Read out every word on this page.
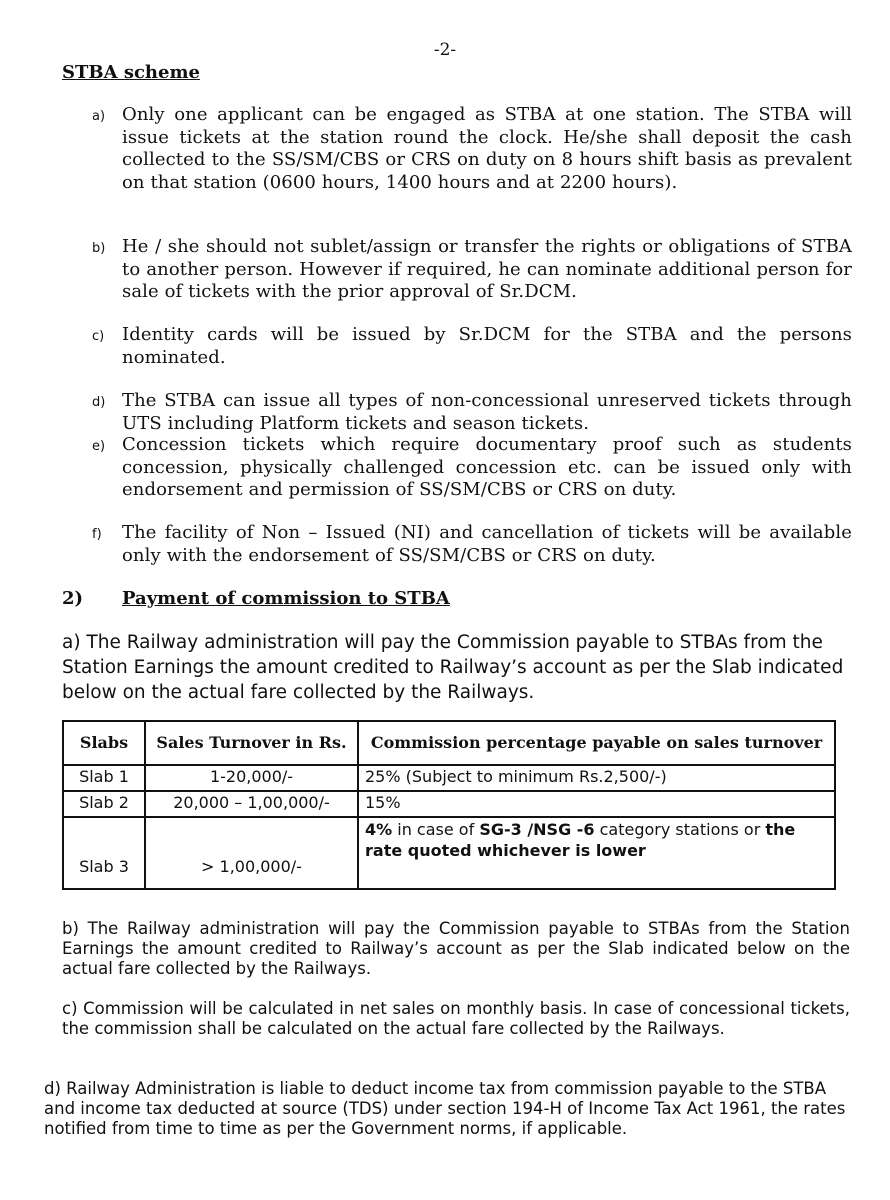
-2-
STBA scheme
a) Only one applicant can be engaged as STBA at one station. The STBA will issue tickets at the station round the clock. He/she shall deposit the cash collected to the SS/SM/CBS or CRS on duty on 8 hours shift basis as prevalent on that station (0600 hours, 1400 hours and at 2200 hours).
b) He / she should not sublet/assign or transfer the rights or obligations of STBA to another person. However if required, he can nominate additional person for sale of tickets with the prior approval of Sr.DCM.
c) Identity cards will be issued by Sr.DCM for the STBA and the persons nominated.
d) The STBA can issue all types of non-concessional unreserved tickets through UTS including Platform tickets and season tickets.
e) Concession tickets which require documentary proof such as students concession, physically challenged concession etc. can be issued only with endorsement and permission of SS/SM/CBS or CRS on duty.
f)	The facility of Non – Issued (NI) and cancellation of tickets will be available only with the endorsement of SS/SM/CBS or CRS on duty.
2) Payment of commission to STBA
a) The Railway administration will pay the Commission payable to STBAs from the Station Earnings the amount credited to Railway’s account as per the Slab indicated below on the actual fare collected by the Railways.
Slabs	Sales Turnover in Rs.	Commission percentage payable on sales turnover
Slab 1	1-20,000/-	25% (Subject to minimum Rs.2,500/-)
Slab 2	20,000 – 1,00,000/-	15%
Slab 3	> 1,00,000/-	4% in case of SG-3 /NSG -6 category stations or the rate quoted whichever is lower
b) The Railway administration will pay the Commission payable to STBAs from the Station Earnings the amount credited to Railway’s account as per the Slab indicated below on the actual fare collected by the Railways.
c) Commission will be calculated in net sales on monthly basis. In case of concessional tickets, the commission shall be calculated on the actual fare collected by the Railways.
d) Railway Administration is liable to deduct income tax from commission payable to the STBA and income tax deducted at source (TDS) under section 194-H of Income Tax Act 1961, the rates notified from time to time as per the Government norms, if applicable.
